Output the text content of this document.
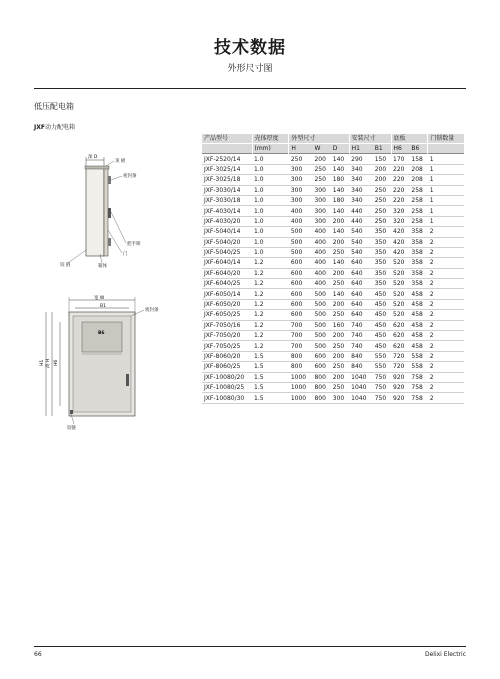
技术数据
外形尺寸图
低压配电箱
JXF动力配电箱
深 D
顶 板
密封条
把手锁
门
铰 链	箱体
宽 W
B1
B6
H1 高 H H6
密封条
铰链
产品型号	壳体厚度	外型尺寸			安装尺寸		底板		门锁数量
	(mm)	H	W	D	H1	B1	H6	B6	
JXF-2520/14	1.0	250	200	140	290	150	170	158	1
JXF-3025/14	1.0	300	250	140	340	200	220	208	1
JXF-3025/18	1.0	300	250	180	340	200	220	208	1
JXF-3030/14	1.0	300	300	140	340	250	220	258	1
JXF-3030/18	1.0	300	300	180	340	250	220	258	1
JXF-4030/14	1.0	400	300	140	440	250	320	258	1
JXF-4030/20	1.0	400	300	200	440	250	320	258	1
JXF-5040/14	1.0	500	400	140	540	350	420	358	2
JXF-5040/20	1.0	500	400	200	540	350	420	358	2
JXF-5040/25	1.0	500	400	250	540	350	420	358	2
JXF-6040/14	1.2	600	400	140	640	350	520	358	2
JXF-6040/20	1.2	600	400	200	640	350	520	358	2
JXF-6040/25	1.2	600	400	250	640	350	520	358	2
JXF-6050/14	1.2	600	500	140	640	450	520	458	2
JXF-6050/20	1.2	600	500	200	640	450	520	458	2
JXF-6050/25	1.2	600	500	250	640	450	520	458	2
JXF-7050/16	1.2	700	500	160	740	450	620	458	2
JXF-7050/20	1.2	700	500	200	740	450	620	458	2
JXF-7050/25	1.2	700	500	250	740	450	620	458	2
JXF-8060/20	1.5	800	600	200	840	550	720	558	2
JXF-8060/25	1.5	800	600	250	840	550	720	558	2
JXF-10080/20	1.5	1000	800	200	1040	750	920	758	2
JXF-10080/25	1.5	1000	800	250	1040	750	920	758	2
JXF-10080/30	1.5	1000	800	300	1040	750	920	758	2
66	Delixi Electric
